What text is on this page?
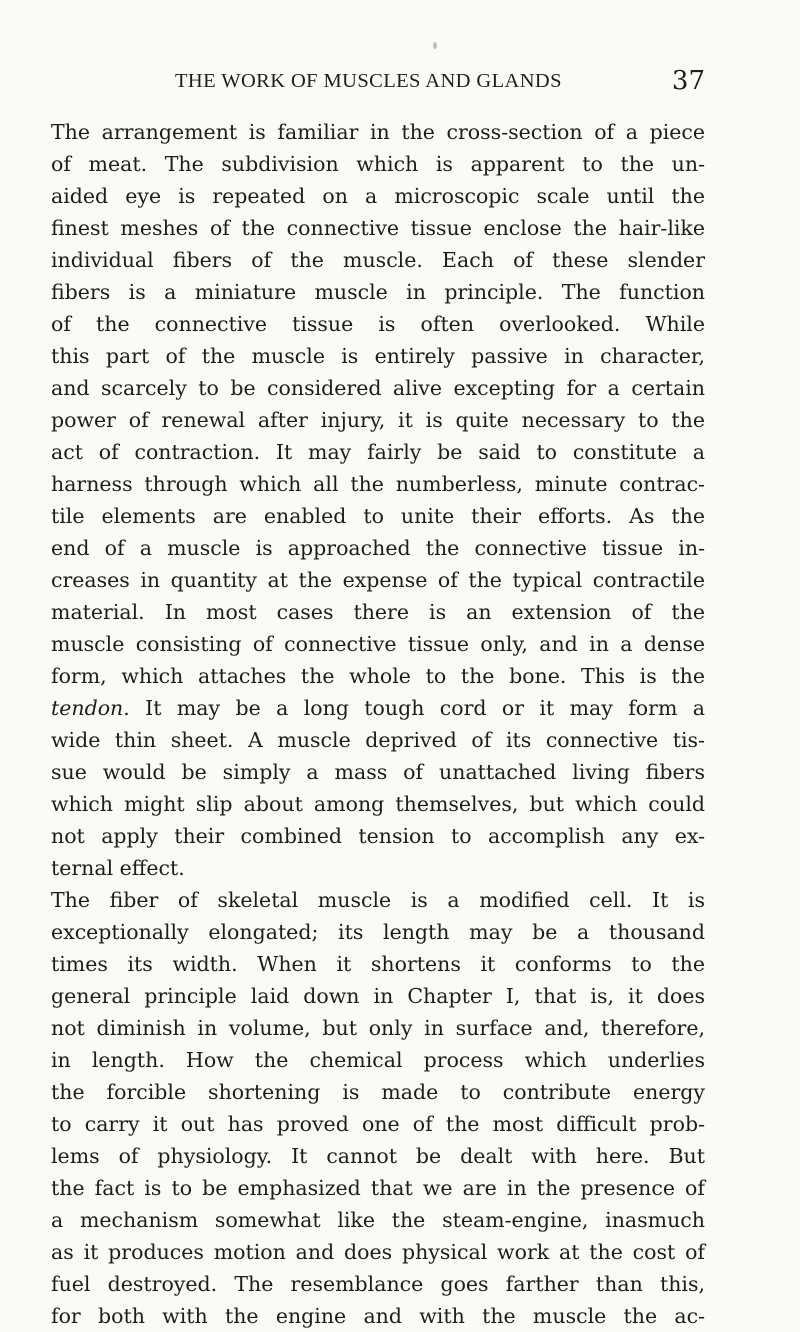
THE WORK OF MUSCLES AND GLANDS	37
The arrangement is familiar in the cross-section of a piece
of meat. The subdivision which is apparent to the un-
aided eye is repeated on a microscopic scale until the
finest meshes of the connective tissue enclose the hair-like
individual fibers of the muscle. Each of these slender
fibers is a miniature muscle in principle. The function
of the connective tissue is often overlooked. While
this part of the muscle is entirely passive in character,
and scarcely to be considered alive excepting for a certain
power of renewal after injury, it is quite necessary to the
act of contraction. It may fairly be said to constitute a
harness through which all the numberless, minute contrac-
tile elements are enabled to unite their efforts. As the
end of a muscle is approached the connective tissue in-
creases in quantity at the expense of the typical contractile
material. In most cases there is an extension of the
muscle consisting of connective tissue only, and in a dense
form, which attaches the whole to the bone. This is the
tendon. It may be a long tough cord or it may form a
wide thin sheet. A muscle deprived of its connective tis-
sue would be simply a mass of unattached living fibers
which might slip about among themselves, but which could
not apply their combined tension to accomplish any ex-
ternal effect.
The fiber of skeletal muscle is a modified cell. It is
exceptionally elongated; its length may be a thousand
times its width. When it shortens it conforms to the
general principle laid down in Chapter I, that is, it does
not diminish in volume, but only in surface and, therefore,
in length. How the chemical process which underlies
the forcible shortening is made to contribute energy
to carry it out has proved one of the most difficult prob-
lems of physiology. It cannot be dealt with here. But
the fact is to be emphasized that we are in the presence of
a mechanism somewhat like the steam-engine, inasmuch
as it produces motion and does physical work at the cost of
fuel destroyed. The resemblance goes farther than this,
for both with the engine and with the muscle the ac-
